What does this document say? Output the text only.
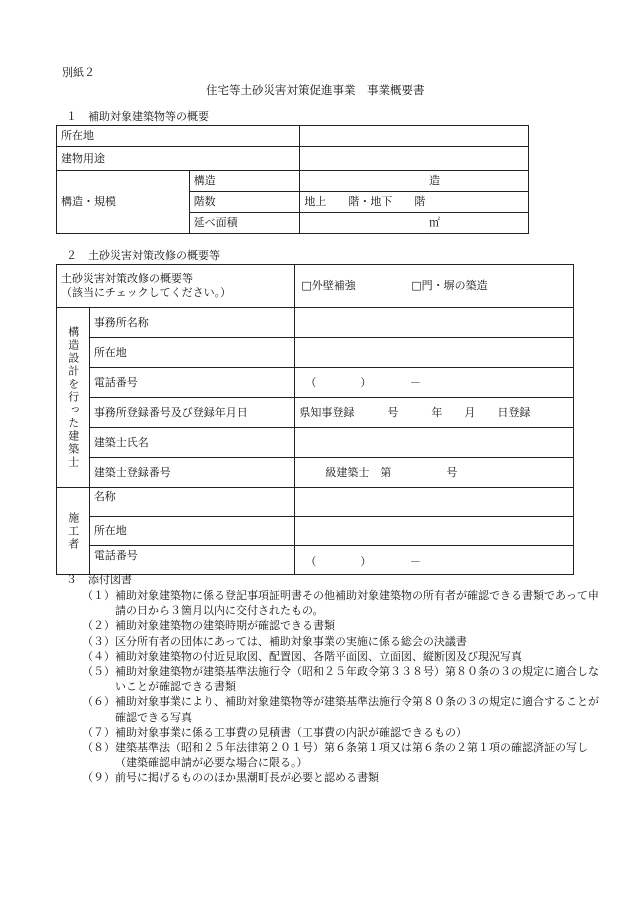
別紙２
住宅等土砂災害対策促進事業　事業概要書
１　補助対象建築物等の概要
所在地		
建物用途		
構造・規模	構造	造
	階数	地上　　階・地下　　階
	延べ面積	㎡
２　土砂災害対策改修の概要等
土砂災害対策改修の概要等
（該当にチェックしてください。）		□外壁補強 □門・塀の築造
構造設計を行った建築士	事務所名称	
	所在地	
	電話番号	（　　　　）　　　　－
	事務所登録番号及び登録年月日	県知事登録　　　号　　　年　　月　　日登録
	建築士氏名	
	建築士登録番号	級建築士　第　　　　　号
施工者	名称	
	所在地	
	電話番号	（　　　　）　　　　－
３　添付図書
（１） 補助対象建築物に係る登記事項証明書その他補助対象建築物の所有者が確認できる書類であって申請の日から３箇月以内に交付されたもの。
（２） 補助対象建築物の建築時期が確認できる書類
（３） 区分所有者の団体にあっては、補助対象事業の実施に係る総会の決議書
（４） 補助対象建築物の付近見取図、配置図、各階平面図、立面図、縦断図及び現況写真
（５） 補助対象建築物が建築基準法施行令（昭和２５年政令第３３８号）第８０条の３の規定に適合しないことが確認できる書類
（６） 補助対象事業により、補助対象建築物等が建築基準法施行令第８０条の３の規定に適合することが確認できる写真
（７） 補助対象事業に係る工事費の見積書（工事費の内訳が確認できるもの）
（８） 建築基準法（昭和２５年法律第２０１号）第６条第１項又は第６条の２第１項の確認済証の写し（建築確認申請が必要な場合に限る。）
（９） 前号に掲げるもののほか黒潮町長が必要と認める書類
